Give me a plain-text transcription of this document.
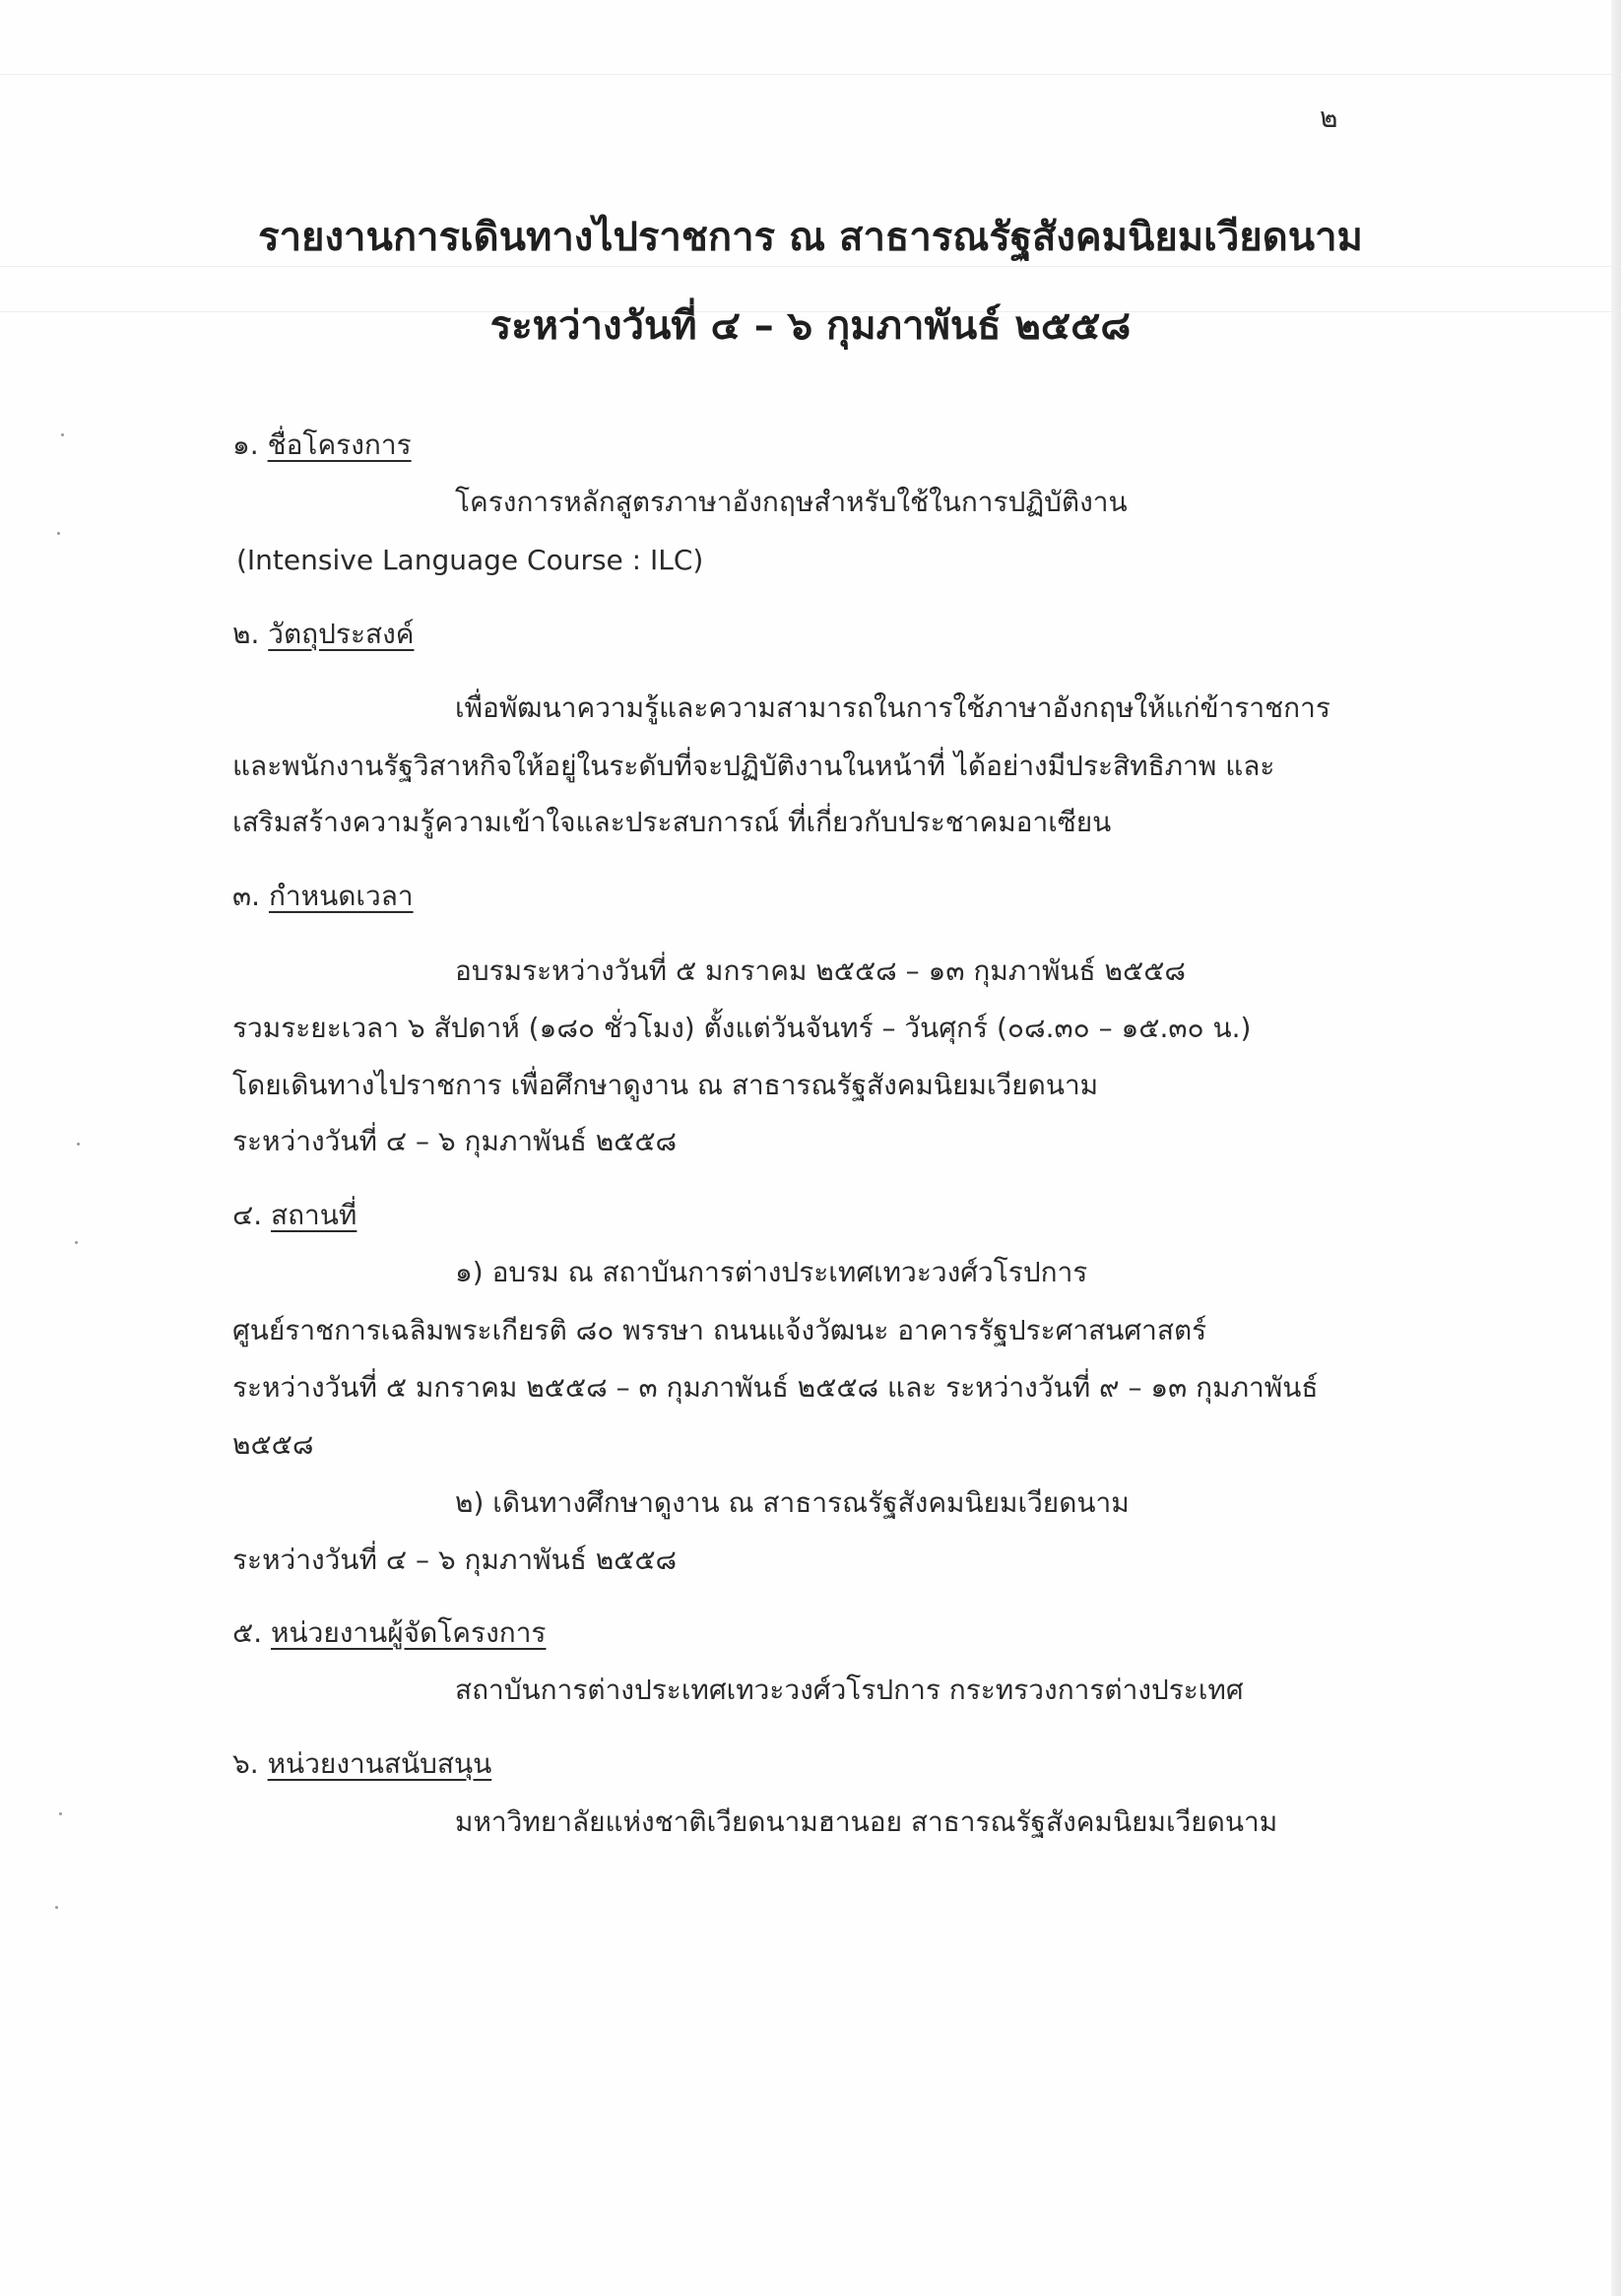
๒
รายงานการเดินทางไปราชการ ณ สาธารณรัฐสังคมนิยมเวียดนาม
ระหว่างวันที่ ๔ – ๖ กุมภาพันธ์ ๒๕๕๘
๑. ชื่อโครงการ
โครงการหลักสูตรภาษาอังกฤษสำหรับใช้ในการปฏิบัติงาน
(Intensive Language Course : ILC)
๒. วัตถุประสงค์
เพื่อพัฒนาความรู้และความสามารถในการใช้ภาษาอังกฤษให้แก่ข้าราชการ
และพนักงานรัฐวิสาหกิจให้อยู่ในระดับที่จะปฏิบัติงานในหน้าที่ ได้อย่างมีประสิทธิภาพ และ
เสริมสร้างความรู้ความเข้าใจและประสบการณ์ ที่เกี่ยวกับประชาคมอาเซียน
๓. กำหนดเวลา
อบรมระหว่างวันที่ ๕ มกราคม ๒๕๕๘ – ๑๓ กุมภาพันธ์ ๒๕๕๘
รวมระยะเวลา ๖ สัปดาห์ (๑๘๐ ชั่วโมง) ตั้งแต่วันจันทร์ – วันศุกร์ (๐๘.๓๐ – ๑๕.๓๐ น.)
โดยเดินทางไปราชการ เพื่อศึกษาดูงาน ณ สาธารณรัฐสังคมนิยมเวียดนาม
ระหว่างวันที่ ๔ – ๖ กุมภาพันธ์ ๒๕๕๘
๔. สถานที่
๑) อบรม ณ สถาบันการต่างประเทศเทวะวงศ์วโรปการ
ศูนย์ราชการเฉลิมพระเกียรติ ๘๐ พรรษา ถนนแจ้งวัฒนะ อาคารรัฐประศาสนศาสตร์
ระหว่างวันที่ ๕ มกราคม ๒๕๕๘ – ๓ กุมภาพันธ์ ๒๕๕๘ และ ระหว่างวันที่ ๙ – ๑๓ กุมภาพันธ์
๒๕๕๘
๒) เดินทางศึกษาดูงาน ณ สาธารณรัฐสังคมนิยมเวียดนาม
ระหว่างวันที่ ๔ – ๖ กุมภาพันธ์ ๒๕๕๘
๕. หน่วยงานผู้จัดโครงการ
สถาบันการต่างประเทศเทวะวงศ์วโรปการ กระทรวงการต่างประเทศ
๖. หน่วยงานสนับสนุน
มหาวิทยาลัยแห่งชาติเวียดนามฮานอย สาธารณรัฐสังคมนิยมเวียดนาม
